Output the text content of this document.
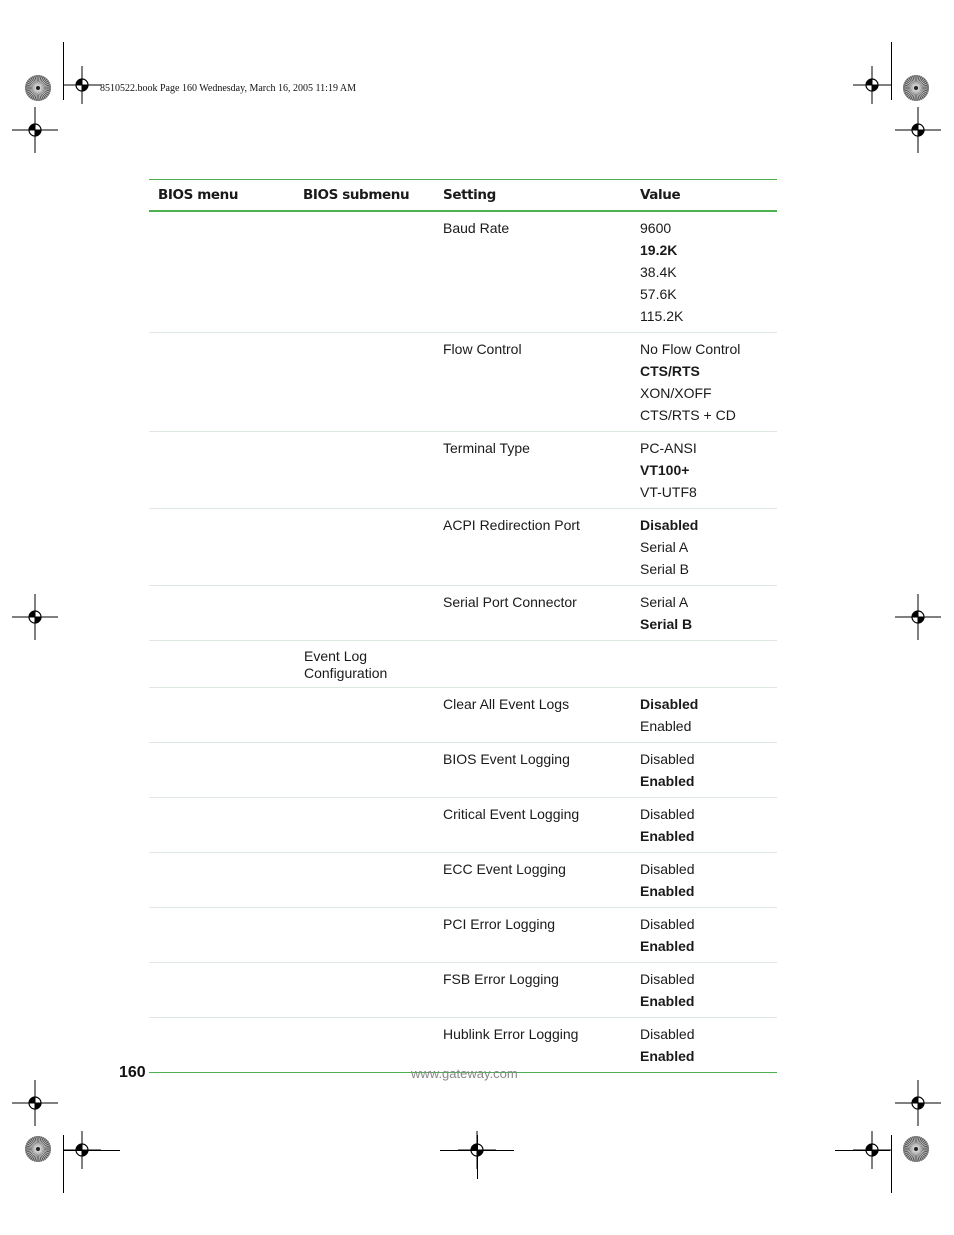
8510522.book Page 160 Wednesday, March 16, 2005 11:19 AM
BIOS menu	BIOS submenu	Setting	Value
		Baud Rate	9600
19.2K
38.4K
57.6K
115.2K

		Flow Control	No Flow Control
CTS/RTS
XON/XOFF
CTS/RTS + CD

		Terminal Type	PC-ANSI
VT100+
VT-UTF8

		ACPI Redirection Port	Disabled
Serial A
Serial B

		Serial Port Connector	Serial A
Serial B

	Event Log Configuration		
		Clear All Event Logs	Disabled
Enabled

		BIOS Event Logging	Disabled
Enabled

		Critical Event Logging	Disabled
Enabled

		ECC Event Logging	Disabled
Enabled

		PCI Error Logging	Disabled
Enabled

		FSB Error Logging	Disabled
Enabled

		Hublink Error Logging	Disabled
Enabled
160	www.gateway.com
